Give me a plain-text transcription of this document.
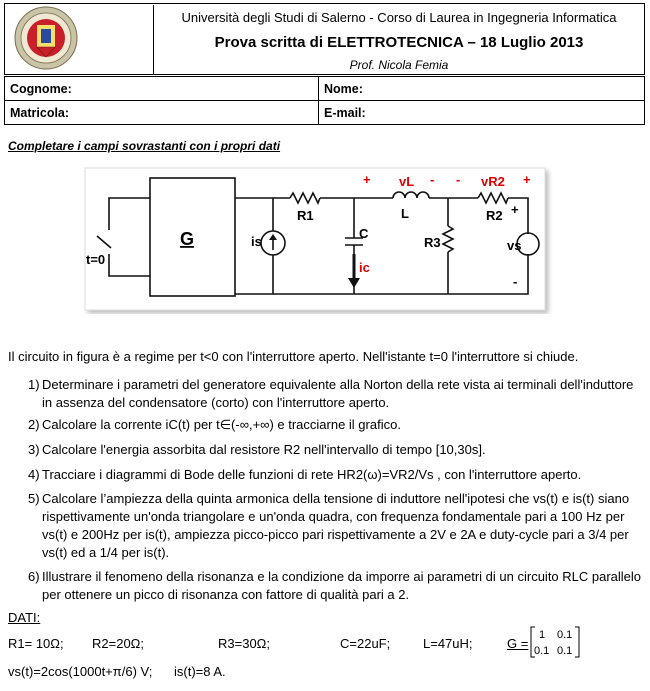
Università degli Studi di Salerno - Corso di Laurea in Ingegneria Informatica
Prova scritta di ELETTROTECNICA – 18 Luglio 2013
Prof. Nicola Femia
Cognome:	Nome:
Matricola:	E-mail:
Completare i campi sovrastanti con i propri dati
G
R1	R2
R3
L
C
is
ic
vs
t=0
vL	vR2
+	- -	+
+
-
Il circuito in figura è a regime per t<0 con l'interruttore aperto. Nell'istante t=0 l'interruttore si chiude.
1) Determinare i parametri del generatore equivalente alla Norton della rete vista ai terminali dell'induttore in assenza del condensatore (corto) con l'interruttore aperto.
2) Calcolare la corrente iC(t) per t∈(-∞,+∞) e tracciarne il grafico.
3) Calcolare l'energia assorbita dal resistore R2 nell'intervallo di tempo [10,30s].
4) Tracciare i diagrammi di Bode delle funzioni di rete HR2(ω)=VR2/Vs , con l'interruttore aperto.
5) Calcolare l’ampiezza della quinta armonica della tensione di induttore nell'ipotesi che vs(t) e is(t) siano rispettivamente un'onda triangolare e un'onda quadra, con frequenza fondamentale pari a 100 Hz per vs(t) e 200Hz per is(t), ampiezza picco-picco pari rispettivamente a 2V e 2A e duty-cycle pari a 3/4 per vs(t) ed a 1/4 per is(t).
6) Illustrare il fenomeno della risonanza e la condizione da imporre ai parametri di un circuito RLC parallelo per ottenere un picco di risonanza con fattore di qualità pari a 2.
DATI:
R1= 10Ω; R2=20Ω;	R3=30Ω;	C=22uF;	L=47uH;	G =
1 0.1
0.1 0.1
vs(t)=2cos(1000t+π/6) V; is(t)=8 A.
